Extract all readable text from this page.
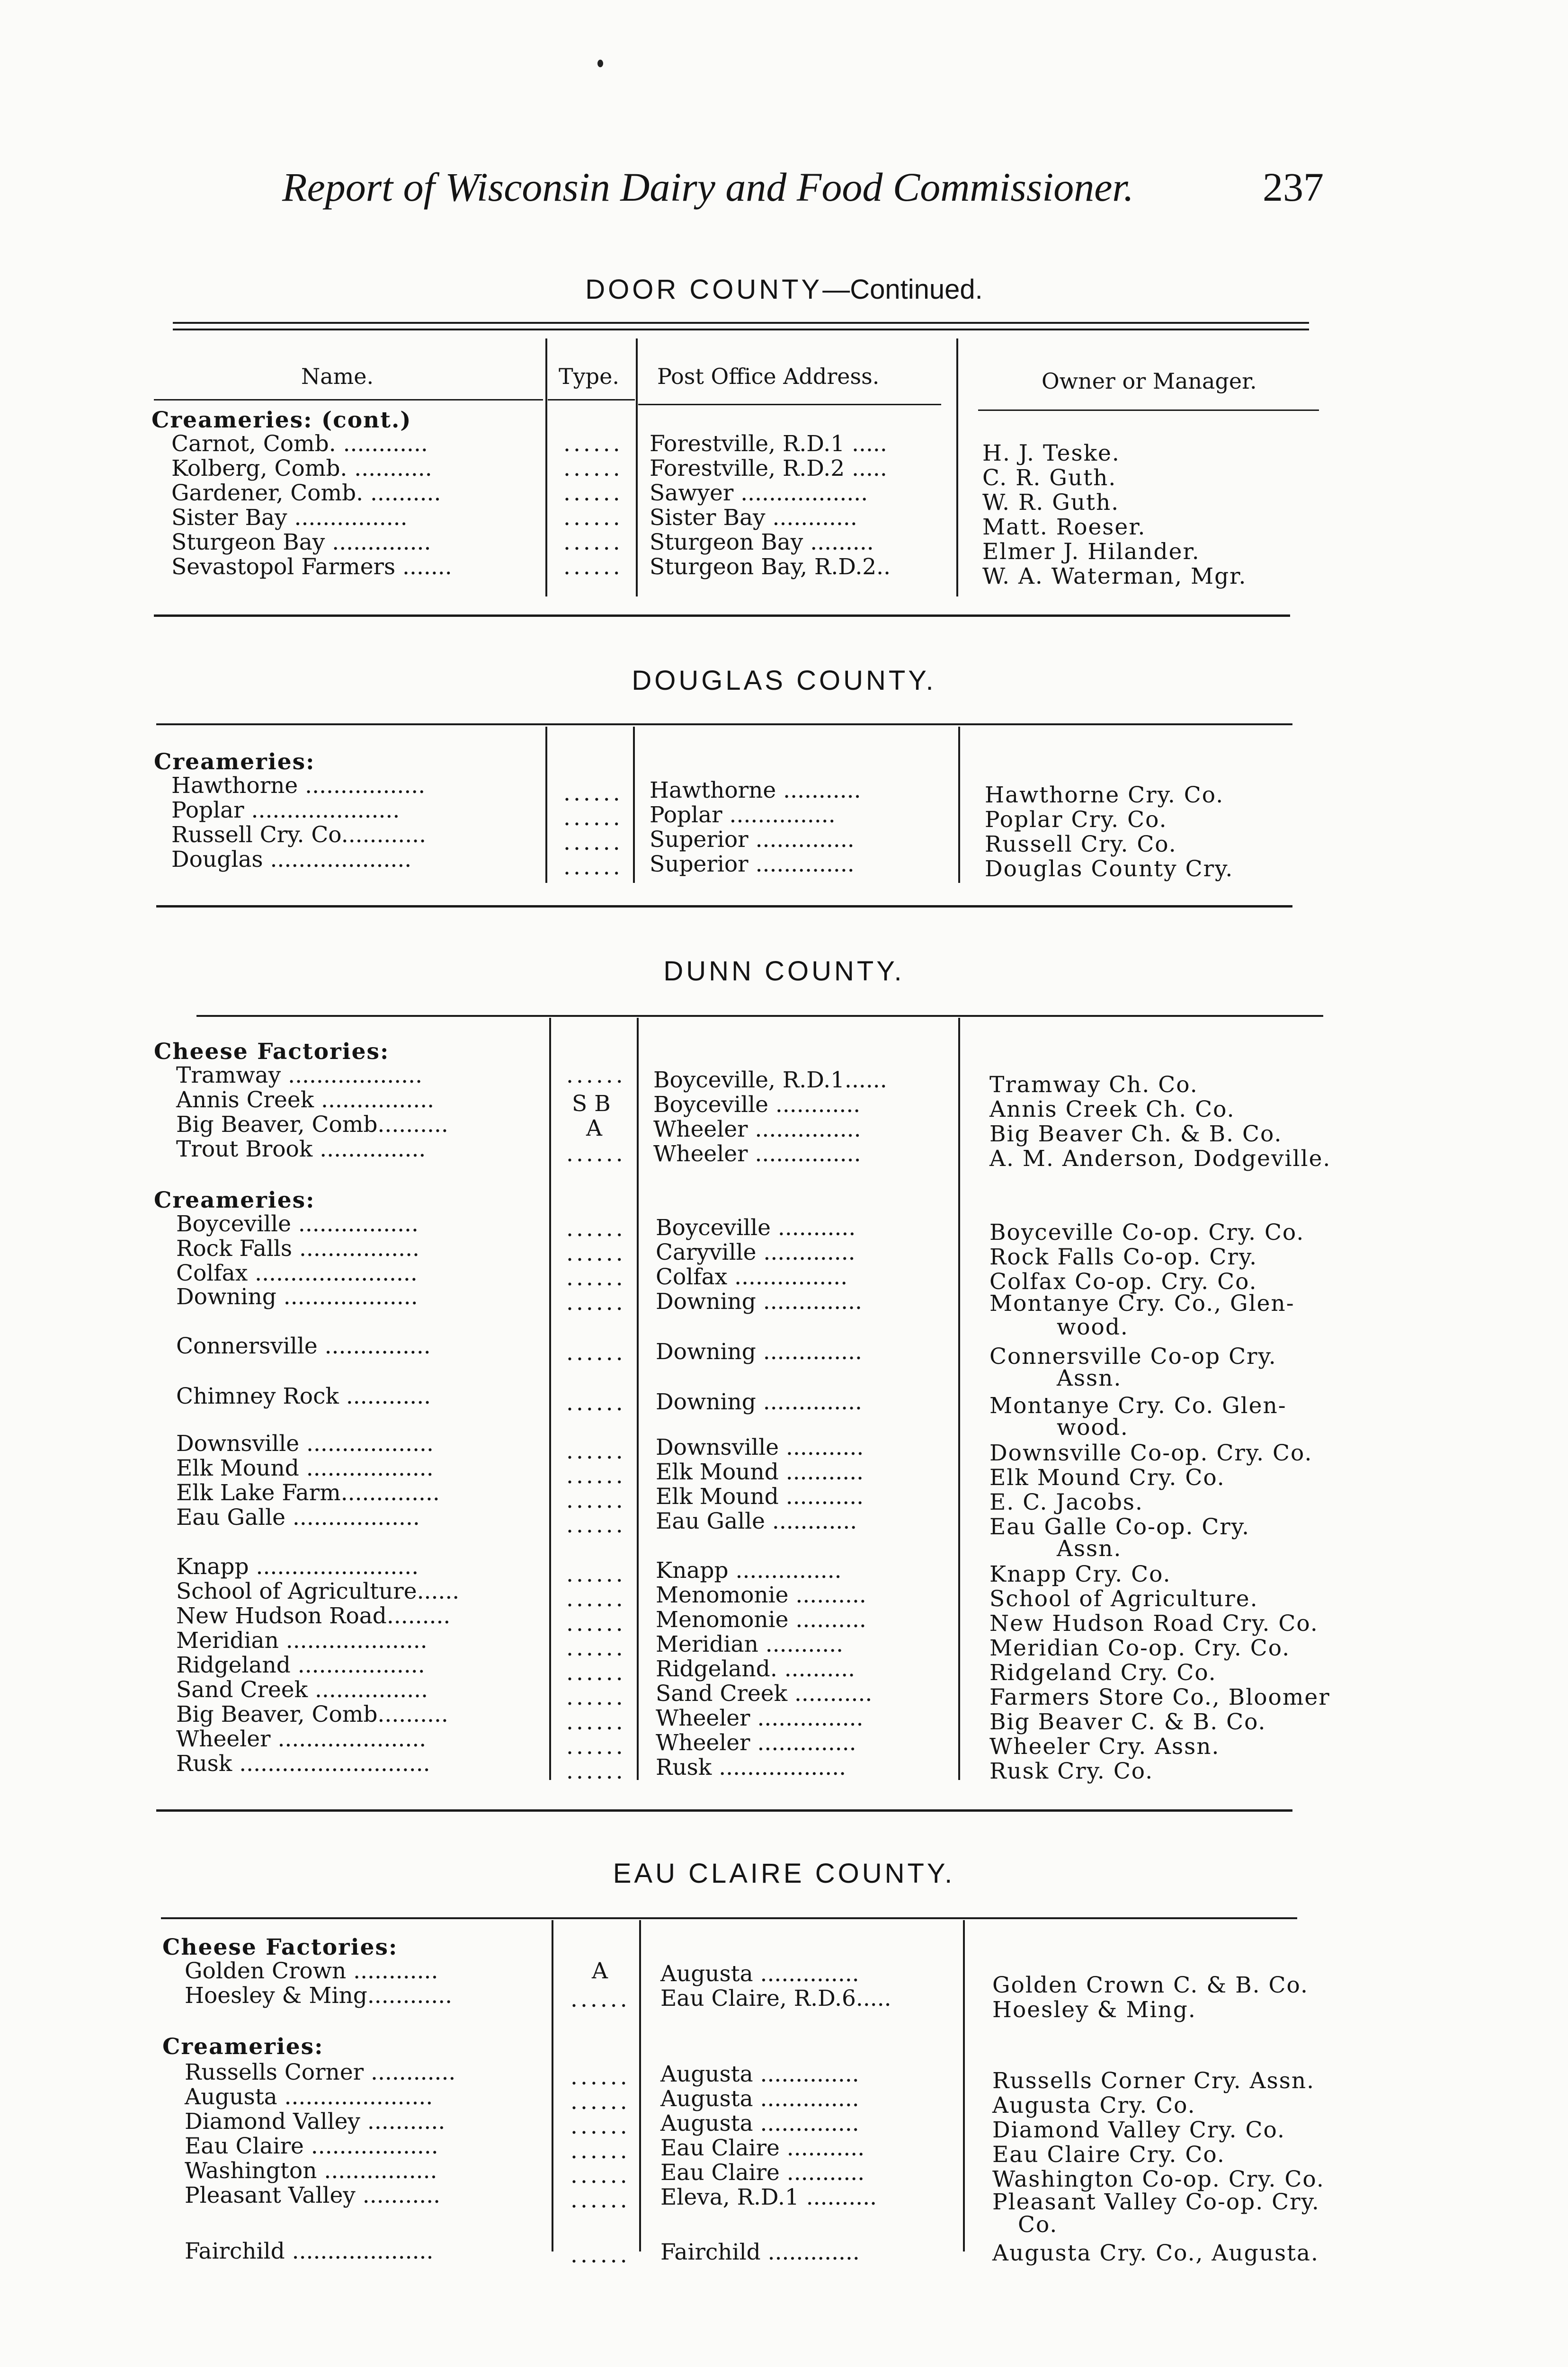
Report of Wisconsin Dairy and Food Commissioner.	237
DOOR COUNTY—Continued.
Name.	Type. Post Office Address.	Owner or Manager.
Creameries: (cont.)
Carnot, Comb. ............	...... Forestville, R.D.1 .....	H. J. Teske.
Kolberg, Comb. ...........	...... Forestville, R.D.2 .....	C. R. Guth.
Gardener, Comb. ..........	...... Sawyer ..................	W. R. Guth.
Sister Bay ................	...... Sister Bay ............	Matt. Roeser.
Sturgeon Bay ..............	...... Sturgeon Bay .........	Elmer J. Hilander.
Sevastopol Farmers .......	...... Sturgeon Bay, R.D.2..	W. A. Waterman, Mgr.
DOUGLAS COUNTY.
Creameries:
Hawthorne .................	...... Hawthorne ...........	Hawthorne Cry. Co.
Poplar .....................	...... Poplar ...............	Poplar Cry. Co.
Russell Cry. Co............	...... Superior ..............	Russell Cry. Co.
Douglas ....................	...... Superior ..............	Douglas County Cry.
DUNN COUNTY.
Cheese Factories:
Tramway ...................	...... Boyceville, R.D.1......	Tramway Ch. Co.
Annis Creek ................	S B Boyceville ............	Annis Creek Ch. Co.
Big Beaver, Comb..........	A Wheeler ...............	Big Beaver Ch. & B. Co.
Trout Brook ...............	...... Wheeler ...............	A. M. Anderson, Dodgeville.
Creameries:
Boyceville .................	...... Boyceville ...........	Boyceville Co-op. Cry. Co.
Rock Falls .................	...... Caryville .............	Rock Falls Co-op. Cry.
Colfax .......................	...... Colfax ................	Colfax Co-op. Cry. Co.
Downing ...................	...... Downing ..............	Montanye Cry. Co., Glen-
wood.
Connersville ...............	...... Downing ..............	Connersville Co-op Cry.
Assn.
Chimney Rock ............	...... Downing ..............	Montanye Cry. Co. Glen-
wood.
Downsville ..................	...... Downsville ...........	Downsville Co-op. Cry. Co.
Elk Mound ..................	...... Elk Mound ...........	Elk Mound Cry. Co.
Elk Lake Farm..............	...... Elk Mound ...........	E. C. Jacobs.
Eau Galle ..................	...... Eau Galle ............	Eau Galle Co-op. Cry.
Assn.
Knapp .......................	...... Knapp ...............	Knapp Cry. Co.
School of Agriculture......	...... Menomonie ..........	School of Agriculture.
New Hudson Road.........	...... Menomonie ..........	New Hudson Road Cry. Co.
Meridian ....................	...... Meridian ...........	Meridian Co-op. Cry. Co.
Ridgeland ..................	...... Ridgeland. ..........	Ridgeland Cry. Co.
Sand Creek ................	...... Sand Creek ...........	Farmers Store Co., Bloomer
Big Beaver, Comb..........	...... Wheeler ...............	Big Beaver C. & B. Co.
Wheeler .....................	...... Wheeler ..............	Wheeler Cry. Assn.
Rusk ...........................	...... Rusk ..................	Rusk Cry. Co.
EAU CLAIRE COUNTY.
Cheese Factories:
Golden Crown ............	A Augusta ..............	Golden Crown C. & B. Co.
Hoesley & Ming............	...... Eau Claire, R.D.6.....	Hoesley & Ming.
Creameries:
Russells Corner ............	...... Augusta ..............	Russells Corner Cry. Assn.
Augusta .....................	...... Augusta ..............	Augusta Cry. Co.
Diamond Valley ...........	...... Augusta ..............	Diamond Valley Cry. Co.
Eau Claire ..................	...... Eau Claire ...........	Eau Claire Cry. Co.
Washington ................	...... Eau Claire ...........	Washington Co-op. Cry. Co.
Pleasant Valley ...........	...... Eleva, R.D.1 ..........	Pleasant Valley Co-op. Cry.
Co.
Fairchild ....................	...... Fairchild .............	Augusta Cry. Co., Augusta.
